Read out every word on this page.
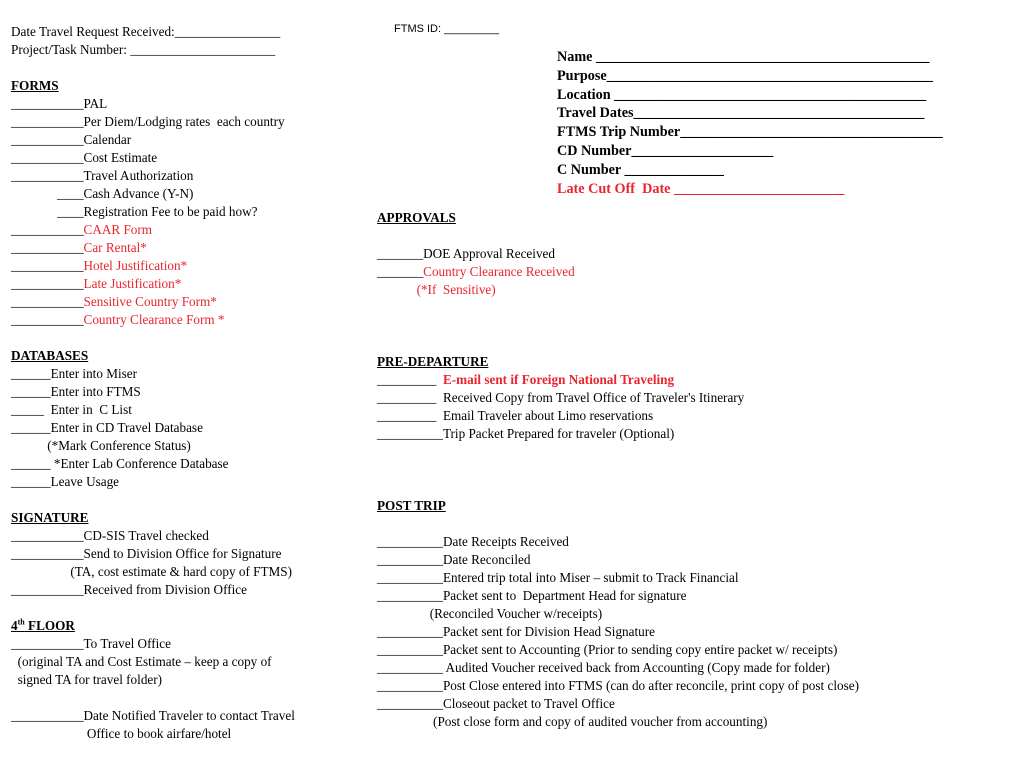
FTMS ID: _________
Name _______________________________________________
Purpose______________________________________________
Location ____________________________________________
Travel Dates_________________________________________
FTMS Trip Number_____________________________________
CD Number____________________
C Number ______________
Late Cut Off  Date ________________________
Date Travel Request Received:________________
Project/Task Number: ______________________
FORMS
___________PAL
___________Per Diem/Lodging rates  each country
___________Calendar
___________Cost Estimate
___________Travel Authorization
____Cash Advance (Y-N)
____Registration Fee to be paid how?
___________CAAR Form
___________Car Rental*
___________Hotel Justification*
___________Late Justification*
___________Sensitive Country Form*
___________Country Clearance Form *
DATABASES
______Enter into Miser
______Enter into FTMS
_____  Enter in  C List
______Enter in CD Travel Database
(*Mark Conference Status)
______ *Enter Lab Conference Database
______Leave Usage
SIGNATURE
___________CD-SIS Travel checked
___________Send to Division Office for Signature
(TA, cost estimate & hard copy of FTMS)
___________Received from Division Office
4th FLOOR
___________To Travel Office
(original TA and Cost Estimate – keep a copy of
signed TA for travel folder)
___________Date Notified Traveler to contact Travel
Office to book airfare/hotel
APPROVALS
_______DOE Approval Received
_______Country Clearance Received
(*If  Sensitive)
PRE-DEPARTURE
_________  E-mail sent if Foreign National Traveling
_________  Received Copy from Travel Office of Traveler's Itinerary
_________  Email Traveler about Limo reservations
__________Trip Packet Prepared for traveler (Optional)
POST TRIP
__________Date Receipts Received
__________Date Reconciled
__________Entered trip total into Miser – submit to Track Financial
__________Packet sent to  Department Head for signature
(Reconciled Voucher w/receipts)
__________Packet sent for Division Head Signature
__________Packet sent to Accounting (Prior to sending copy entire packet w/ receipts)
__________ Audited Voucher received back from Accounting (Copy made for folder)
__________Post Close entered into FTMS (can do after reconcile, print copy of post close)
__________Closeout packet to Travel Office
(Post close form and copy of audited voucher from accounting)
